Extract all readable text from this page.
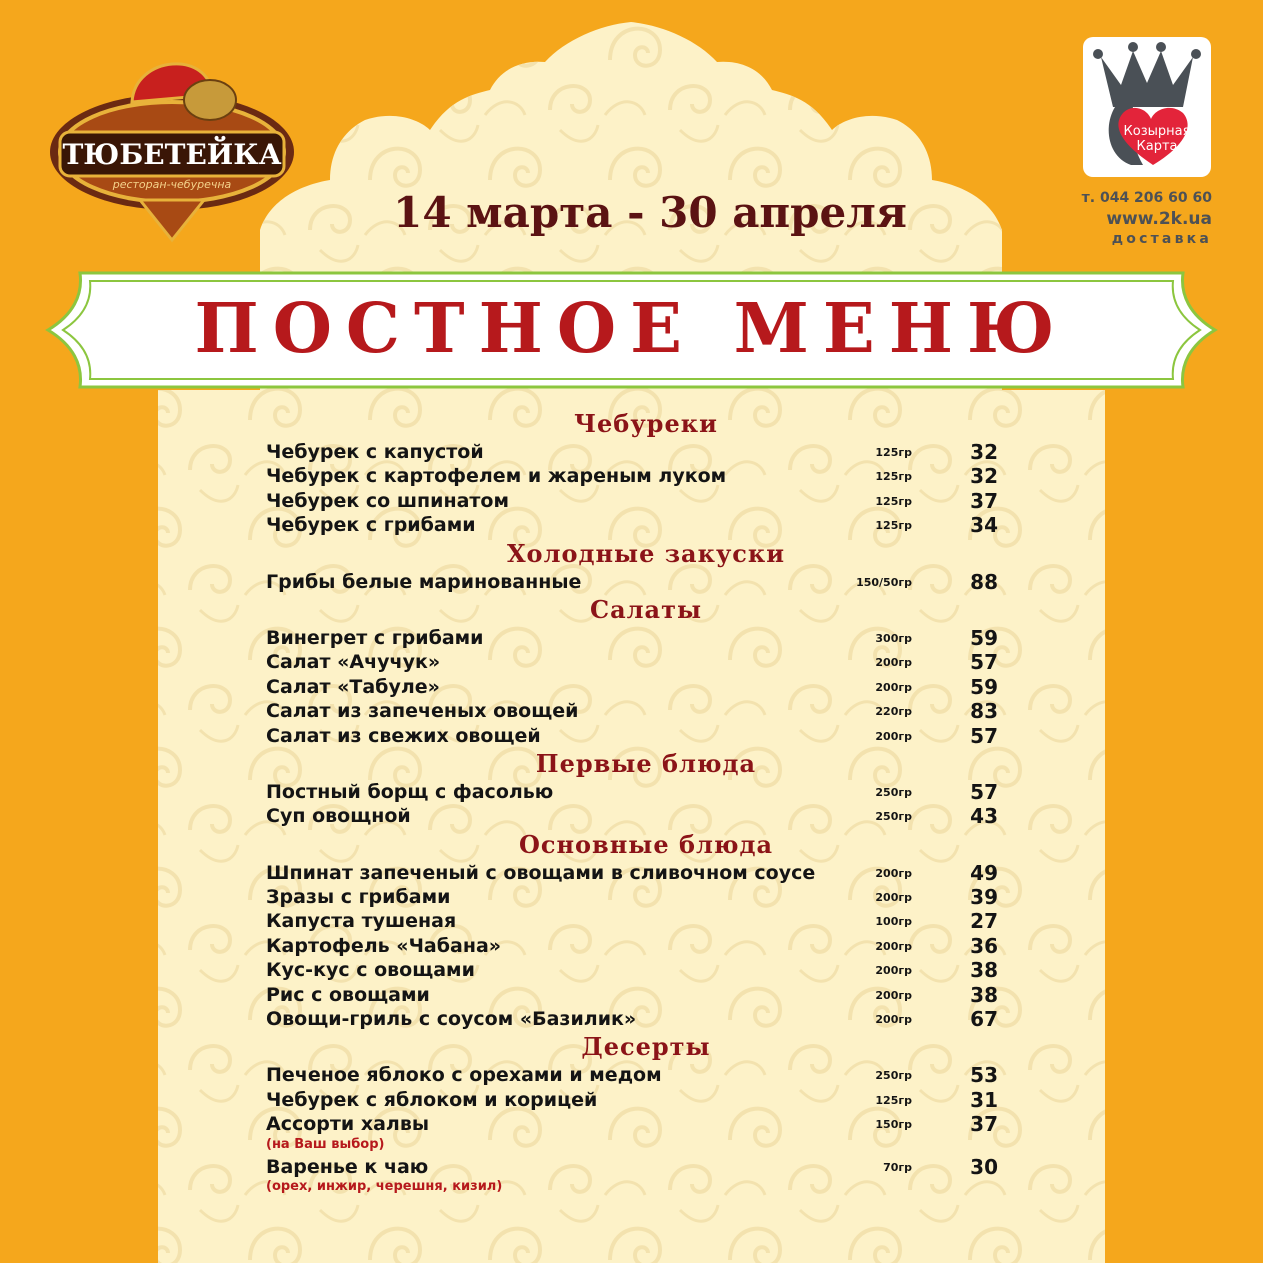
ТЮБЕТЕЙКА
ресторан-чебуречна
Козырная
Карта
т. 044 206 60 60
www.2k.ua
доставка
14 марта - 30 апреля
ПОСТНОЕ МЕНЮ
Чебуреки
Чебурек с капустой	125гр	32
Чебурек с картофелем и жареным луком	125гр	32
Чебурек со шпинатом	125гр	37
Чебурек с грибами	125гр	34
Холодные закуски
Грибы белые маринованные	150/50гр	88
Салаты
Винегрет с грибами	300гр	59
Салат «Ачучук»	200гр	57
Салат «Табуле»	200гр	59
Салат из запеченых овощей	220гр	83
Салат из свежих овощей	200гр	57
Первые блюда
Постный борщ с фасолью	250гр	57
Суп овощной	250гр	43
Основные блюда
Шпинат запеченый с овощами в сливочном соусе	200гр	49
Зразы с грибами	200гр	39
Капуста тушеная	100гр	27
Картофель «Чабана»	200гр	36
Кус-кус с овощами	200гр	38
Рис с овощами	200гр	38
Овощи-гриль с соусом «Базилик»	200гр	67
Десерты
Печеное яблоко с орехами и медом	250гр	53
Чебурек с яблоком и корицей	125гр	31
Ассорти халвы	150гр	37
(на Ваш выбор)
Варенье к чаю	70гр	30
(орех, инжир, черешня, кизил)
